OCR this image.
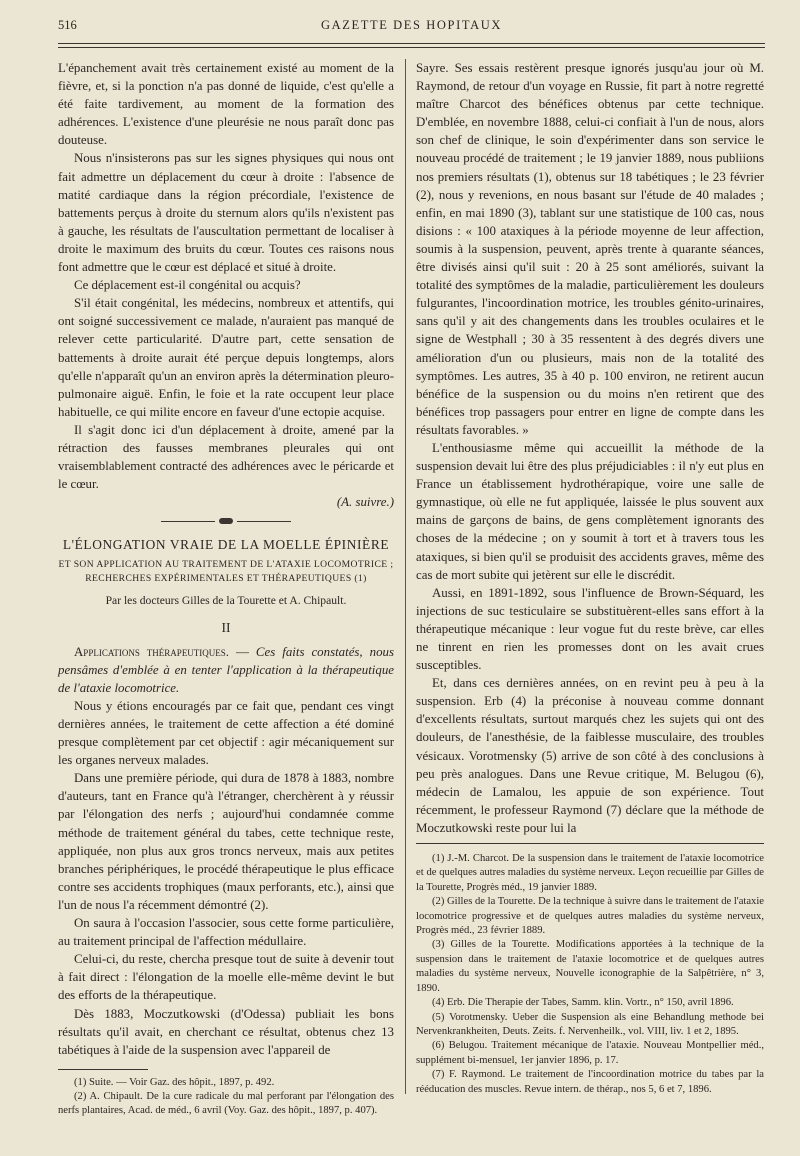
516	GAZETTE DES HOPITAUX

L'épanchement avait très certainement existé au moment de la fièvre, et, si la ponction n'a pas donné de liquide, c'est qu'elle a été faite tardivement, au moment de la formation des adhérences. L'existence d'une pleurésie ne nous paraît donc pas douteuse.

Nous n'insisterons pas sur les signes physiques qui nous ont fait admettre un déplacement du cœur à droite : l'absence de matité cardiaque dans la région précordiale, l'existence de battements perçus à droite du sternum alors qu'ils n'existent pas à gauche, les résultats de l'auscultation permettant de localiser à droite le maximum des bruits du cœur. Toutes ces raisons nous font admettre que le cœur est déplacé et situé à droite.

Ce déplacement est-il congénital ou acquis?

S'il était congénital, les médecins, nombreux et attentifs, qui ont soigné successivement ce malade, n'auraient pas manqué de relever cette particularité. D'autre part, cette sensation de battements à droite aurait été perçue depuis longtemps, alors qu'elle n'apparaît qu'un an environ après la détermination pleuro-pulmonaire aiguë. Enfin, le foie et la rate occupent leur place habituelle, ce qui milite encore en faveur d'une ectopie acquise.

Il s'agit donc ici d'un déplacement à droite, amené par la rétraction des fausses membranes pleurales qui ont vraisemblablement contracté des adhérences avec le péricarde et le cœur.

(A. suivre.)
L'ÉLONGATION VRAIE DE LA MOELLE ÉPINIÈRE
ET SON APPLICATION AU TRAITEMENT DE L'ATAXIE LOCOMOTRICE ; RECHERCHES EXPÉRIMENTALES ET THÉRAPEUTIQUES (1)
Par les docteurs Gilles de la Tourette et A. Chipault.
II

Applications thérapeutiques. — Ces faits constatés, nous pensâmes d'emblée à en tenter l'application à la thérapeutique de l'ataxie locomotrice.

Nous y étions encouragés par ce fait que, pendant ces vingt dernières années, le traitement de cette affection a été dominé presque complètement par cet objectif : agir mécaniquement sur les organes nerveux malades.

Dans une première période, qui dura de 1878 à 1883, nombre d'auteurs, tant en France qu'à l'étranger, cherchèrent à y réussir par l'élongation des nerfs ; aujourd'hui condamnée comme méthode de traitement général du tabes, cette technique reste, appliquée, non plus aux gros troncs nerveux, mais aux petites branches périphériques, le procédé thérapeutique le plus efficace contre ses accidents trophiques (maux perforants, etc.), ainsi que l'un de nous l'a récemment démontré (2).

On saura à l'occasion l'associer, sous cette forme particulière, au traitement principal de l'affection médullaire.

Celui-ci, du reste, chercha presque tout de suite à devenir tout à fait direct : l'élongation de la moelle elle-même devint le but des efforts de la thérapeutique.

Dès 1883, Moczutkowski (d'Odessa) publiait les bons résultats qu'il avait, en cherchant ce résultat, obtenus chez 13 tabétiques à l'aide de la suspension avec l'appareil de

(1) Suite. — Voir Gaz. des hôpit., 1897, p. 492.

(2) A. Chipault. De la cure radicale du mal perforant par l'élongation des nerfs plantaires, Acad. de méd., 6 avril (Voy. Gaz. des hôpit., 1897, p. 407).

Sayre. Ses essais restèrent presque ignorés jusqu'au jour où M. Raymond, de retour d'un voyage en Russie, fit part à notre regretté maître Charcot des bénéfices obtenus par cette technique. D'emblée, en novembre 1888, celui-ci confiait à l'un de nous, alors son chef de clinique, le soin d'expérimenter dans son service le nouveau procédé de traitement ; le 19 janvier 1889, nous publiions nos premiers résultats (1), obtenus sur 18 tabétiques ; le 23 février (2), nous y revenions, en nous basant sur l'étude de 40 malades ; enfin, en mai 1890 (3), tablant sur une statistique de 100 cas, nous disions : « 100 ataxiques à la période moyenne de leur affection, soumis à la suspension, peuvent, après trente à quarante séances, être divisés ainsi qu'il suit : 20 à 25 sont améliorés, suivant la totalité des symptômes de la maladie, particulièrement les douleurs fulgurantes, l'incoordination motrice, les troubles génito-urinaires, sans qu'il y ait des changements dans les troubles oculaires et le signe de Westphall ; 30 à 35 ressentent à des degrés divers une amélioration d'un ou plusieurs, mais non de la totalité des symptômes. Les autres, 35 à 40 p. 100 environ, ne retirent aucun bénéfice de la suspension ou du moins n'en retirent que des bénéfices trop passagers pour entrer en ligne de compte dans les résultats favorables. »

L'enthousiasme même qui accueillit la méthode de la suspension devait lui être des plus préjudiciables : il n'y eut plus en France un établissement hydrothérapique, voire une salle de gymnastique, où elle ne fut appliquée, laissée le plus souvent aux mains de garçons de bains, de gens complètement ignorants des choses de la médecine ; on y soumit à tort et à travers tous les ataxiques, si bien qu'il se produisit des accidents graves, même des cas de mort subite qui jetèrent sur elle le discrédit.

Aussi, en 1891-1892, sous l'influence de Brown-Séquard, les injections de suc testiculaire se substituèrent-elles sans effort à la thérapeutique mécanique : leur vogue fut du reste brève, car elles ne tinrent en rien les promesses dont on les avait crues susceptibles.

Et, dans ces dernières années, on en revint peu à peu à la suspension. Erb (4) la préconise à nouveau comme donnant d'excellents résultats, surtout marqués chez les sujets qui ont des douleurs, de l'anesthésie, de la faiblesse musculaire, des troubles vésicaux. Vorotmensky (5) arrive de son côté à des conclusions à peu près analogues. Dans une Revue critique, M. Belugou (6), médecin de Lamalou, les appuie de son expérience. Tout récemment, le professeur Raymond (7) déclare que la méthode de Moczutkowski reste pour lui la

(1) J.-M. Charcot. De la suspension dans le traitement de l'ataxie locomotrice et de quelques autres maladies du système nerveux. Leçon recueillie par Gilles de la Tourette, Progrès méd., 19 janvier 1889.

(2) Gilles de la Tourette. De la technique à suivre dans le traitement de l'ataxie locomotrice progressive et de quelques autres maladies du système nerveux, Progrès méd., 23 février 1889.

(3) Gilles de la Tourette. Modifications apportées à la technique de la suspension dans le traitement de l'ataxie locomotrice et de quelques autres maladies du système nerveux, Nouvelle iconographie de la Salpêtrière, n° 3, 1890.

(4) Erb. Die Therapie der Tabes, Samm. klin. Vortr., n° 150, avril 1896.

(5) Vorotmensky. Ueber die Suspension als eine Behandlung methode bei Nervenkrankheiten, Deuts. Zeits. f. Nervenheilk., vol. VIII, liv. 1 et 2, 1895.

(6) Belugou. Traitement mécanique de l'ataxie. Nouveau Montpellier méd., supplément bi-mensuel, 1er janvier 1896, p. 17.

(7) F. Raymond. Le traitement de l'incoordination motrice du tabes par la rééducation des muscles. Revue intern. de thérap., nos 5, 6 et 7, 1896.
